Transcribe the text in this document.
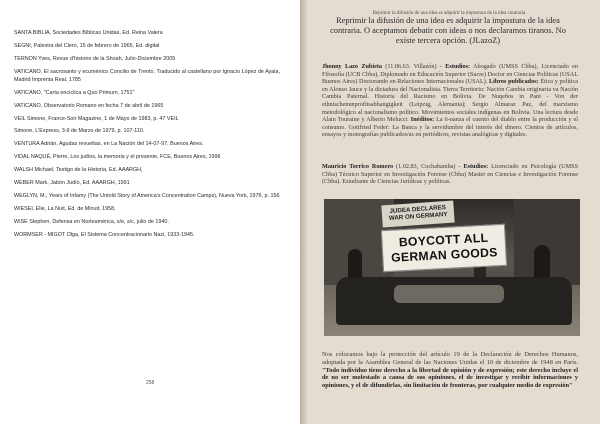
SANTA BIBLIA, Sociedades Bíblicas Unidas, Ed. Reina Valera

SEGNI, Palestra del Clero, 15 de febrero de 1965, Ed. digital

TERNON Yves, Revue d'histoire de la Shoah, Julio-Diciembre 2005

VATICANO, El sacrosanto y ecuménico Concilio de Trento. Traducido al castellano por Ignacio López de Ayala, Madrid Imprenta Real, 1785

VATICANO, "Carta encíclica a Quo Primum, 1751"

VATICANO, Observatorio Romano en fecha 7 de abril de 1965

VEIL Simone, France-Soir Magazine, 1 de Mayo de 1983, p. 47 VEIL

Simone, L'Express, 3-9 de Marzo de 1979, p. 107-110.

VENTURA Adrián, Agudas revueltas, en La Nación del 14-07-97, Buenos Aires.

VIDAL NAQUÉ, Pierre, Los judíos, la memoria y el presente, FCE, Buenos Aires, 1996

WALSH Michael, Testigo de la Historia, Ed. AAARGH,

WEBER Mark, Jabón Judío, Ed. AAARGH, 1991

WEGLYN, M., Years of Infamy (The Untold Story of America's Concentration Camps), Nueva York, 1976, p. 156

WIESEL Elie, La Nuit, Ed. de Minuit, 1958,

WISE Stephen, Defensa en Norteamérica, s/e, s/c, julio de 1940.

WORMSER - MIGOT Olga, El Sistema Concentracionario Nazi, 1933-1945.

258
Reprimir la difusión de una idea es adquirir la impostura de la idea contraria
Reprimir la difusión de una idea es adquirir la impostura de la idea contraria. O aceptamos debatir con ideas o nos declaramos tiranos. No existe tercera opción. (JLazoZ)
Jhonny Lazo Zubieta (11.06.63. Villazón) - Estudios: Abogado (UMSS Cbba), Licenciado en Filosofía (UCB Cbba), Diplomado en Educación Superior (Sucre) Doctor en Ciencias Políticas (USAL Buenos Aires) Doctorando en Relaciones Internacionales (USAL). Libros publicados: Ética y política en Alonso Jauce y la dictadura del Nacionalista. Tierra Territorio: Nación Cambia originaria va Nación Cambia Paternal. Historia del Racismo en Bolivia. De Nuqeños in Pani - Von der ethnischenunprofitsabhangigkeit (Leipzig, Alemania); Sergio Almaraz Paz, del marxismo metodológico al nacionalismo político. Movimientos sociales indígenas en Bolivia. Una lectura desde Alain Touraine y Alberto Melucci. Inéditos: La 6-nanza el cuento del diablo entre la producción y el consumo. Gottfried Feder: La Banca y la servidumbre del interés del dinero. Cientos de artículos, ensayos y monografías publicados/as en periódicos, revistas analógicas y digitales.
Mauricio Torrico Romero (1.02.83, Cochabamba) - Estudios: Licenciado en Psicología (UMSS Cbba) Técnico Superior en Investigación Forense (Cbba) Master en Ciencias e Investigación Forense (Cbba). Estudiante de Ciencias Jurídicas y políticas.
JUDEA DECLARES WAR ON GERMANY
BOYCOTT ALL
GERMAN GOODS
Nos colocamos bajo la protección del artículo 19 de la Declaración de Derechos Humanos, adoptada por la Asamblea General de las Naciones Unidas el 10 de diciembre de 1948 en París. "Todo individuo tiene derecho a la libertad de opinión y de expresión; este derecho incluye el de no ser molestado a causa de sus opiniones, el de investigar y recibir informaciones y opiniones, y el de difundirlas, sin limitación de fronteras, por cualquier medio de expresión"
